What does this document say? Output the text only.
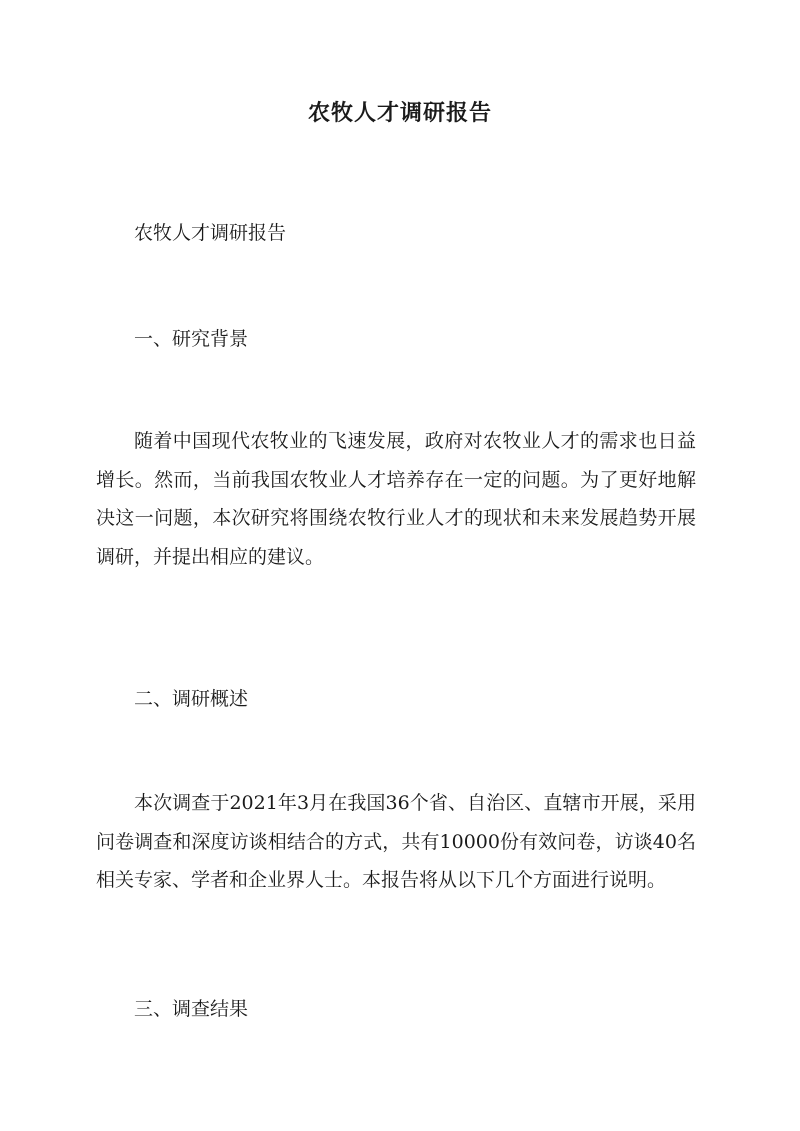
农牧人才调研报告

农牧人才调研报告

一、研究背景

随着中国现代农牧业的飞速发展，政府对农牧业人才的需求也日益增长。然而，当前我国农牧业人才培养存在一定的问题。为了更好地解决这一问题，本次研究将围绕农牧行业人才的现状和未来发展趋势开展调研，并提出相应的建议。

二、调研概述

本次调查于2021年3月在我国36个省、自治区、直辖市开展，采用问卷调查和深度访谈相结合的方式，共有10000份有效问卷，访谈40名相关专家、学者和企业界人士。本报告将从以下几个方面进行说明。

三、调查结果
